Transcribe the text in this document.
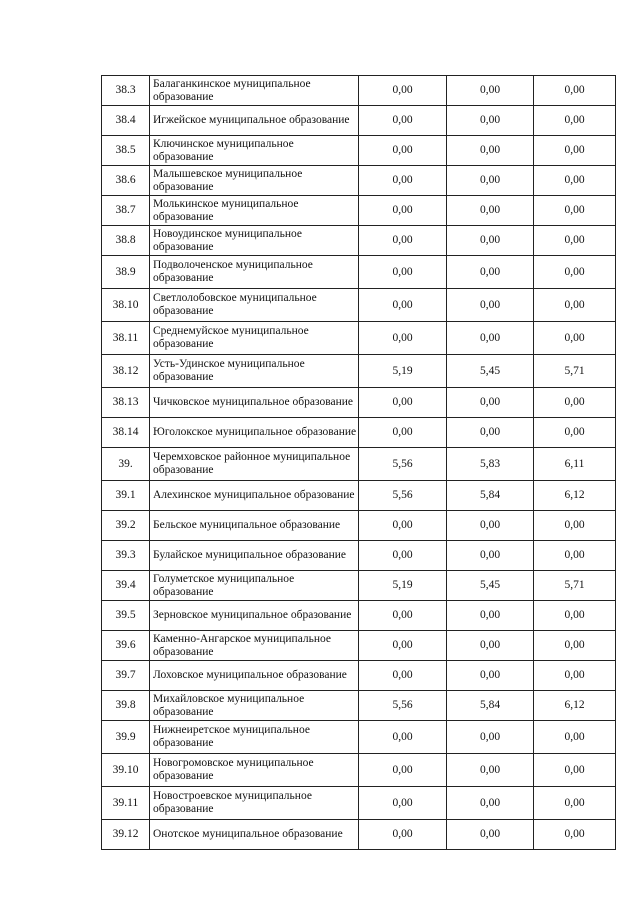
38.3	Балаганкинское муниципальное образование	0,00	0,00	0,00
38.4	Игжейское муниципальное образование	0,00	0,00	0,00
38.5	Ключинское муниципальное образование	0,00	0,00	0,00
38.6	Малышевское муниципальное образование	0,00	0,00	0,00
38.7	Молькинское муниципальное образование	0,00	0,00	0,00
38.8	Новоудинское муниципальное образование	0,00	0,00	0,00
38.9	Подволоченское муниципальное образование	0,00	0,00	0,00
38.10	Светлолобовское муниципальное образование	0,00	0,00	0,00
38.11	Среднемуйское муниципальное образование	0,00	0,00	0,00
38.12	Усть-Удинское муниципальное образование	5,19	5,45	5,71
38.13	Чичковское муниципальное образование	0,00	0,00	0,00
38.14	Юголокское муниципальное образование	0,00	0,00	0,00
39.	Черемховское районное муниципальное образование	5,56	5,83	6,11
39.1	Алехинское муниципальное образование	5,56	5,84	6,12
39.2	Бельское муниципальное образование	0,00	0,00	0,00
39.3	Булайское муниципальное образование	0,00	0,00	0,00
39.4	Голуметское муниципальное образование	5,19	5,45	5,71
39.5	Зерновское муниципальное образование	0,00	0,00	0,00
39.6	Каменно-Ангарское муниципальное образование	0,00	0,00	0,00
39.7	Лоховское муниципальное образование	0,00	0,00	0,00
39.8	Михайловское муниципальное образование	5,56	5,84	6,12
39.9	Нижнеиретское муниципальное образование	0,00	0,00	0,00
39.10	Новогромовское муниципальное образование	0,00	0,00	0,00
39.11	Новостроевское муниципальное образование	0,00	0,00	0,00
39.12	Онотское муниципальное образование	0,00	0,00	0,00
